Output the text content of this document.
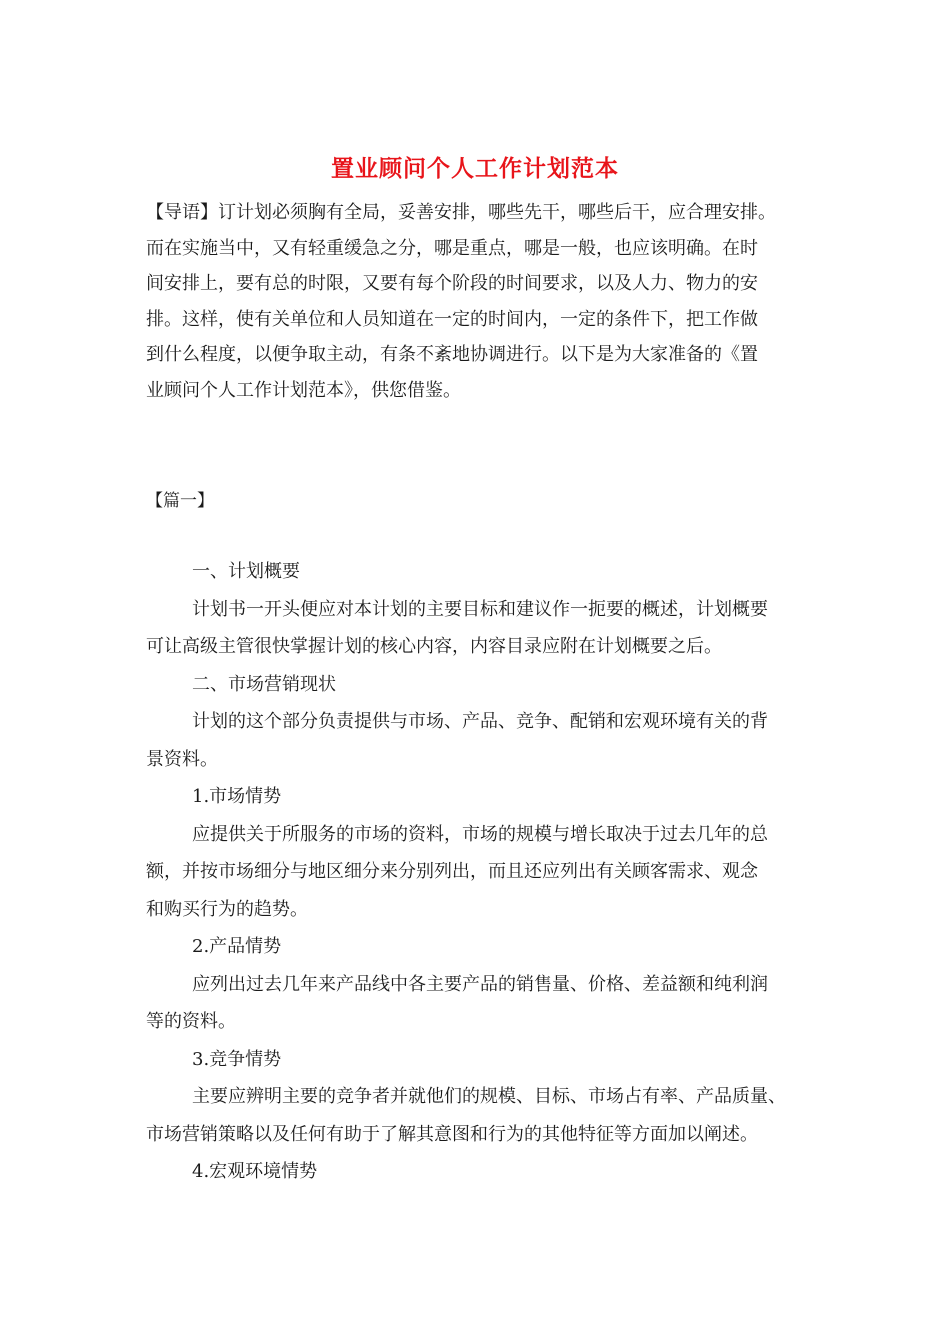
置业顾问个人工作计划范本
【导语】订计划必须胸有全局，妥善安排，哪些先干，哪些后干，应合理安排。
而在实施当中，又有轻重缓急之分，哪是重点，哪是一般，也应该明确。在时
间安排上，要有总的时限，又要有每个阶段的时间要求，以及人力、物力的安
排。这样，使有关单位和人员知道在一定的时间内，一定的条件下，把工作做
到什么程度，以便争取主动，有条不紊地协调进行。以下是为大家准备的《置
业顾问个人工作计划范本》，供您借鉴。
【篇一】
一、计划概要
计划书一开头便应对本计划的主要目标和建议作一扼要的概述，计划概要
可让高级主管很快掌握计划的核心内容，内容目录应附在计划概要之后。
二、市场营销现状
计划的这个部分负责提供与市场、产品、竞争、配销和宏观环境有关的背
景资料。
1.市场情势
应提供关于所服务的市场的资料，市场的规模与增长取决于过去几年的总
额，并按市场细分与地区细分来分别列出，而且还应列出有关顾客需求、观念
和购买行为的趋势。
2.产品情势
应列出过去几年来产品线中各主要产品的销售量、价格、差益额和纯利润
等的资料。
3.竞争情势
主要应辨明主要的竞争者并就他们的规模、目标、市场占有率、产品质量、
市场营销策略以及任何有助于了解其意图和行为的其他特征等方面加以阐述。
4.宏观环境情势
